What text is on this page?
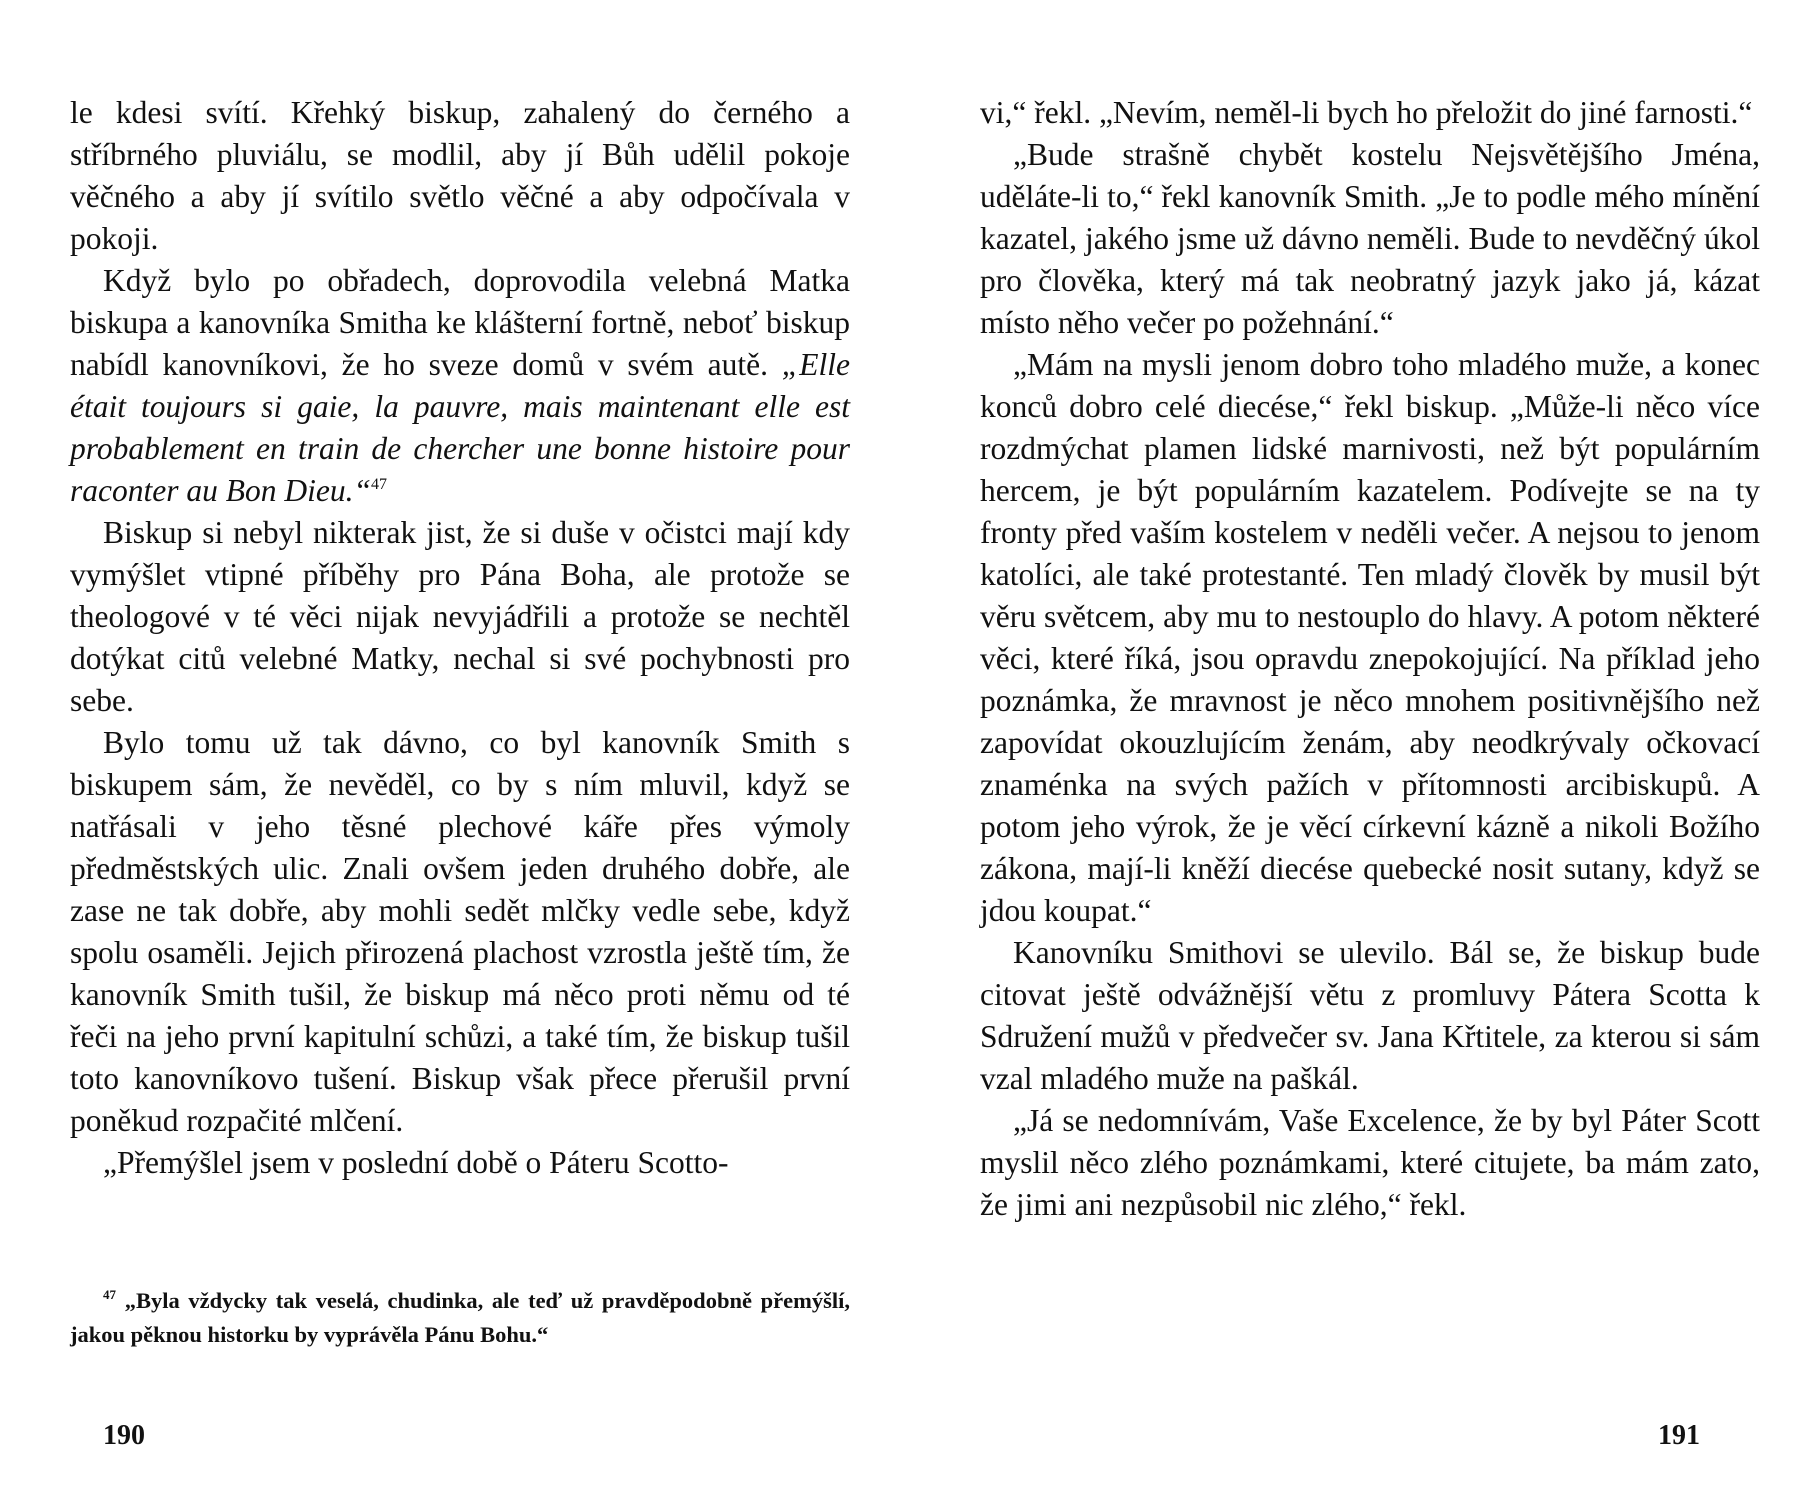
le kdesi svítí. Křehký biskup, zahalený do černého a stříbrného pluviálu, se modlil, aby jí Bůh udělil pokoje věčného a aby jí svítilo světlo věčné a aby odpočívala v pokoji.

Když bylo po obřadech, doprovodila velebná Matka biskupa a kanovníka Smitha ke klášterní fortně, neboť biskup nabídl kanovníkovi, že ho sveze domů v svém autě. „Elle était toujours si gaie, la pauvre, mais maintenant elle est probablement en train de chercher une bonne histoire pour raconter au Bon Dieu.“$^{47}$

Biskup si nebyl nikterak jist, že si duše v očistci mají kdy vymýšlet vtipné příběhy pro Pána Boha, ale protože se theologové v té věci nijak nevyjádřili a protože se nechtěl dotýkat citů velebné Matky, nechal si své pochybnosti pro sebe.

Bylo tomu už tak dávno, co byl kanovník Smith s biskupem sám, že nevěděl, co by s ním mluvil, když se natřásali v jeho těsné plechové káře přes výmoly předměstských ulic. Znali ovšem jeden druhého dobře, ale zase ne tak dobře, aby mohli sedět mlčky vedle sebe, když spolu osaměli. Jejich přirozená plachost vzrostla ještě tím, že kanovník Smith tušil, že biskup má něco proti němu od té řeči na jeho první kapitulní schůzi, a také tím, že biskup tušil toto kanovníkovo tušení. Biskup však přece přerušil první poněkud rozpačité mlčení.

„Přemýšlel jsem v poslední době o Páteru Scotto-

$^{47}$ „Byla vždycky tak veselá, chudinka, ale teď už pravděpodobně přemýšlí, jakou pěknou historku by vyprávěla Pánu Bohu.“

190

vi,“ řekl. „Nevím, neměl-li bych ho přeložit do jiné farnosti.“

„Bude strašně chybět kostelu Nejsvětějšího Jména, uděláte-li to,“ řekl kanovník Smith. „Je to podle mého mínění kazatel, jakého jsme už dávno neměli. Bude to nevděčný úkol pro člověka, který má tak neobratný jazyk jako já, kázat místo něho večer po požehnání.“

„Mám na mysli jenom dobro toho mladého muže, a konec konců dobro celé diecése,“ řekl biskup. „Může-li něco více rozdmýchat plamen lidské marnivosti, než být populárním hercem, je být populárním kazatelem. Podívejte se na ty fronty před vaším kostelem v neděli večer. A nejsou to jenom katolíci, ale také protestanté. Ten mladý člověk by musil být věru světcem, aby mu to nestouplo do hlavy. A potom některé věci, které říká, jsou opravdu znepokojující. Na příklad jeho poznámka, že mravnost je něco mnohem positivnějšího než zapovídat okouzlujícím ženám, aby neodkrývaly očkovací znaménka na svých pažích v přítomnosti arcibiskupů. A potom jeho výrok, že je věcí církevní kázně a nikoli Božího zákona, mají-li kněží diecése quebecké nosit sutany, když se jdou koupat.“

Kanovníku Smithovi se ulevilo. Bál se, že biskup bude citovat ještě odvážnější větu z promluvy Pátera Scotta k Sdružení mužů v předvečer sv. Jana Křtitele, za kterou si sám vzal mladého muže na paškál.

„Já se nedomnívám, Vaše Excelence, že by byl Páter Scott myslil něco zlého poznámkami, které citujete, ba mám zato, že jimi ani nezpůsobil nic zlého,“ řekl.

191
